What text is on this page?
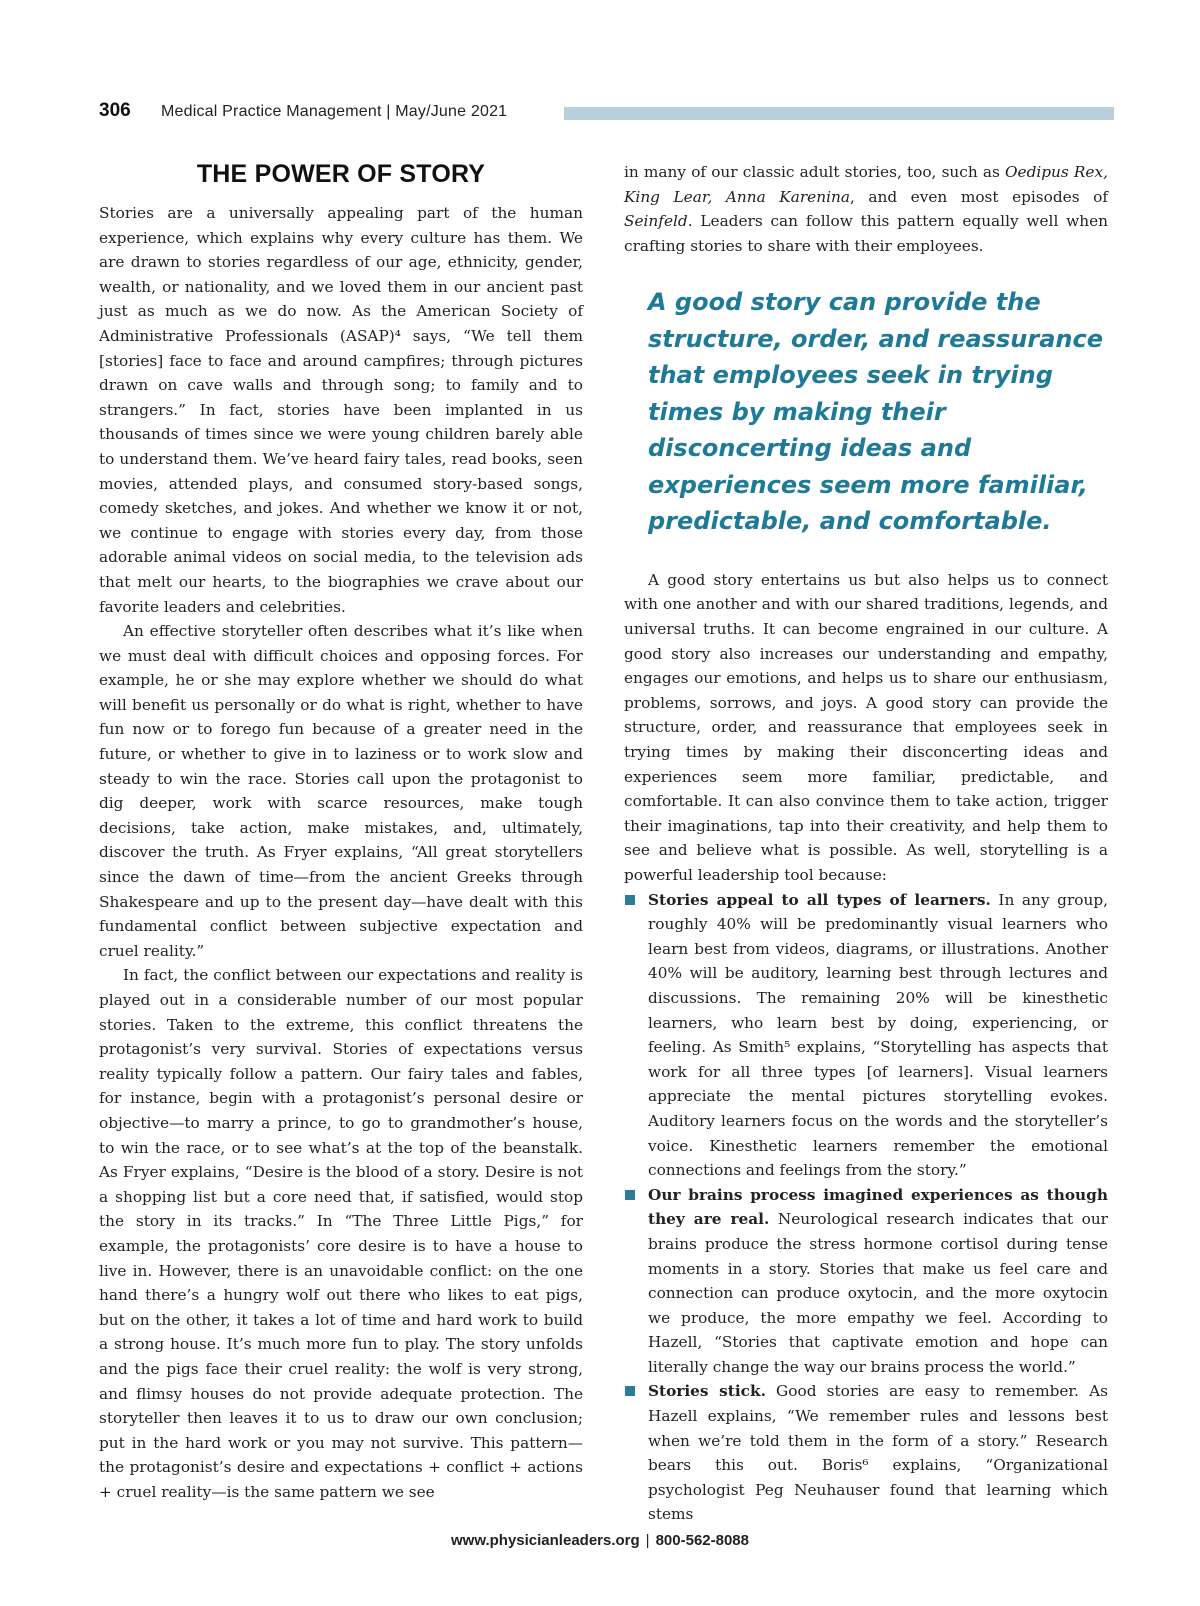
306 Medical Practice Management | May/June 2021
THE POWER OF STORY

Stories are a universally appealing part of the human experience, which explains why every culture has them. We are drawn to stories regardless of our age, ethnicity, gender, wealth, or nationality, and we loved them in our ancient past just as much as we do now. As the American Society of Administrative Professionals (ASAP)⁴ says, “We tell them [stories] face to face and around campfires; through pictures drawn on cave walls and through song; to family and to strangers.” In fact, stories have been implanted in us thousands of times since we were young children barely able to understand them. We’ve heard fairy tales, read books, seen movies, attended plays, and consumed story-based songs, comedy sketches, and jokes. And whether we know it or not, we continue to engage with stories every day, from those adorable animal videos on social media, to the television ads that melt our hearts, to the biographies we crave about our favorite leaders and celebrities.

An effective storyteller often describes what it’s like when we must deal with difficult choices and opposing forces. For example, he or she may explore whether we should do what will benefit us personally or do what is right, whether to have fun now or to forego fun because of a greater need in the future, or whether to give in to laziness or to work slow and steady to win the race. Stories call upon the protagonist to dig deeper, work with scarce resources, make tough decisions, take action, make mistakes, and, ultimately, discover the truth. As Fryer explains, “All great storytellers since the dawn of time—from the ancient Greeks through Shakespeare and up to the present day—have dealt with this fundamental conflict between subjective expectation and cruel reality.”

In fact, the conflict between our expectations and reality is played out in a considerable number of our most popular stories. Taken to the extreme, this conflict threatens the protagonist’s very survival. Stories of expectations versus reality typically follow a pattern. Our fairy tales and fables, for instance, begin with a protagonist’s personal desire or objective—to marry a prince, to go to grandmother’s house, to win the race, or to see what’s at the top of the beanstalk. As Fryer explains, “Desire is the blood of a story. Desire is not a shopping list but a core need that, if satisfied, would stop the story in its tracks.” In “The Three Little Pigs,” for example, the protagonists’ core desire is to have a house to live in. However, there is an unavoidable conflict: on the one hand there’s a hungry wolf out there who likes to eat pigs, but on the other, it takes a lot of time and hard work to build a strong house. It’s much more fun to play. The story unfolds and the pigs face their cruel reality: the wolf is very strong, and flimsy houses do not provide adequate protection. The storyteller then leaves it to us to draw our own conclusion; put in the hard work or you may not survive. This pattern—the protagonist’s desire and expectations + conflict + actions + cruel reality—is the same pattern we see

in many of our classic adult stories, too, such as Oedipus Rex, King Lear, Anna Karenina, and even most episodes of Seinfeld. Leaders can follow this pattern equally well when crafting stories to share with their employees.

A good story can provide the structure, order, and reassurance that employees seek in trying times by making their disconcerting ideas and experiences seem more familiar, predictable, and comfortable.

A good story entertains us but also helps us to connect with one another and with our shared traditions, legends, and universal truths. It can become engrained in our culture. A good story also increases our understanding and empathy, engages our emotions, and helps us to share our enthusiasm, problems, sorrows, and joys. A good story can provide the structure, order, and reassurance that employees seek in trying times by making their disconcerting ideas and experiences seem more familiar, predictable, and comfortable. It can also convince them to take action, trigger their imaginations, tap into their creativity, and help them to see and believe what is possible. As well, storytelling is a powerful leadership tool because:

Stories appeal to all types of learners. In any group, roughly 40% will be predominantly visual learners who learn best from videos, diagrams, or illustrations. Another 40% will be auditory, learning best through lectures and discussions. The remaining 20% will be kinesthetic learners, who learn best by doing, experiencing, or feeling. As Smith⁵ explains, “Storytelling has aspects that work for all three types [of learners]. Visual learners appreciate the mental pictures storytelling evokes. Auditory learners focus on the words and the storyteller’s voice. Kinesthetic learners remember the emotional connections and feelings from the story.”
Our brains process imagined experiences as though they are real. Neurological research indicates that our brains produce the stress hormone cortisol during tense moments in a story. Stories that make us feel care and connection can produce oxytocin, and the more oxytocin we produce, the more empathy we feel. According to Hazell, “Stories that captivate emotion and hope can literally change the way our brains process the world.”
Stories stick. Good stories are easy to remember. As Hazell explains, “We remember rules and lessons best when we’re told them in the form of a story.” Research bears this out. Boris⁶ explains, “Organizational psychologist Peg Neuhauser found that learning which stems
www.physicianleaders.org | 800-562-8088
